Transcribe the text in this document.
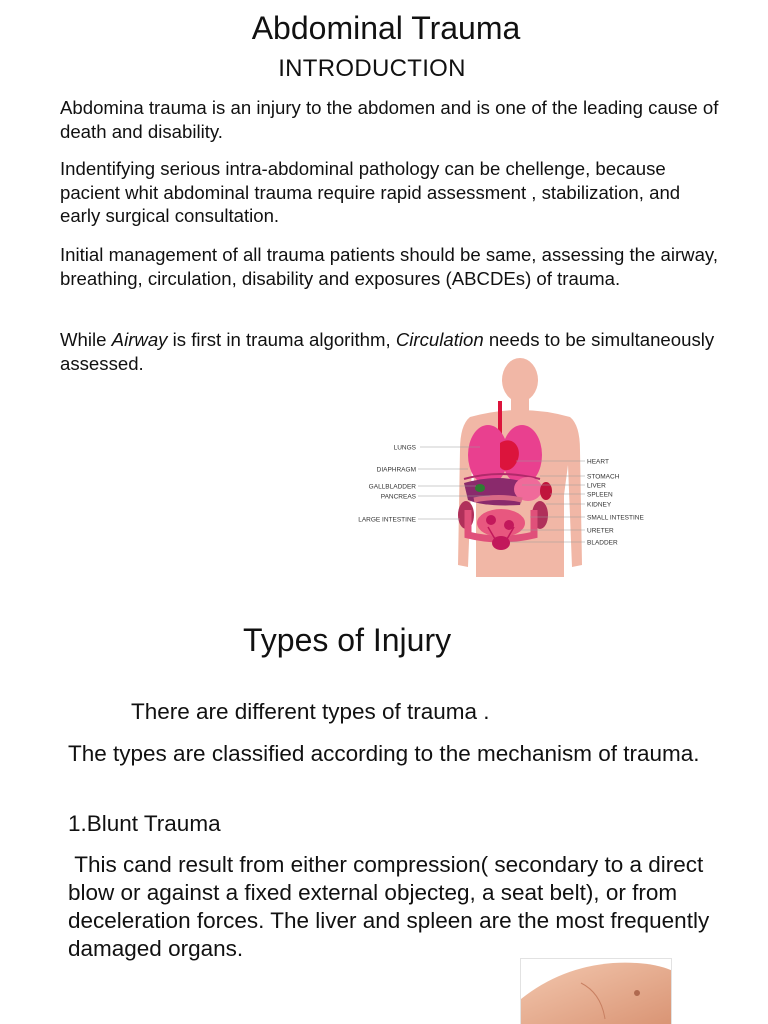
Abdominal Trauma
INTRODUCTION

Abdomina trauma is an injury to the abdomen and is one of the leading cause of death and disability.

Indentifying serious intra-abdominal pathology can be chellenge, because pacient whit abdominal trauma require rapid assessment , stabilization, and early surgical consultation.

Initial management of all trauma patients should be same, assessing the airway, breathing, circulation, disability and exposures (ABCDEs) of trauma.

While Airway is first in trauma algorithm, Circulation needs to be simultaneously assessed.

LUNGS
DIAPHRAGM
GALLBLADDER
PANCREAS
LARGE INTESTINE
HEART
STOMACH
LIVER
SPLEEN
KIDNEY
SMALL INTESTINE
URETER
BLADDER
Types of Injury

There are different types of trauma .

The types are classified according to the mechanism of trauma.

1.Blunt Trauma

This cand result from either compression( secondary to a direct blow or against a fixed external objecteg, a seat belt), or from deceleration forces. The liver and spleen are the most frequently damaged organs.
